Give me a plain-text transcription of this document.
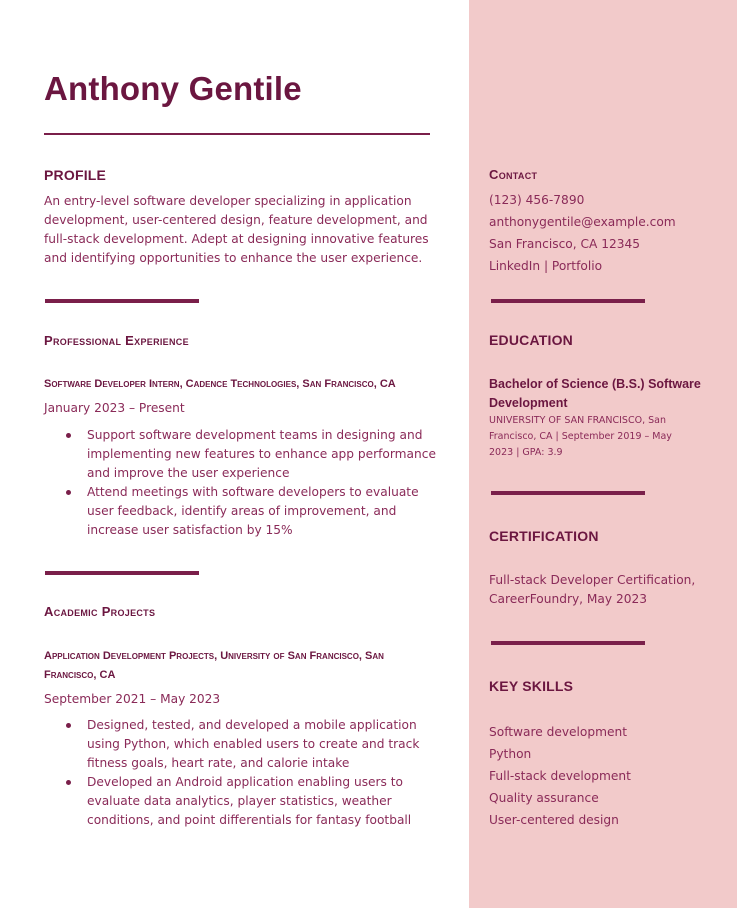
Anthony Gentile
PROFILE
An entry-level software developer specializing in application development, user-centered design, feature development, and full-stack development. Adept at designing innovative features and identifying opportunities to enhance the user experience.
Professional Experience
Software Developer Intern, Cadence Technologies, San Francisco, CA
January 2023 – Present
Support software development teams in designing and implementing new features to enhance app performance and improve the user experience
Attend meetings with software developers to evaluate user feedback, identify areas of improvement, and increase user satisfaction by 15%
Academic Projects
Application Development Projects, University of San Francisco, San Francisco, CA
September 2021 – May 2023
Designed, tested, and developed a mobile application using Python, which enabled users to create and track fitness goals, heart rate, and calorie intake
Developed an Android application enabling users to evaluate data analytics, player statistics, weather conditions, and point differentials for fantasy football
Contact
(123) 456-7890
anthonygentile@example.com
San Francisco, CA 12345
LinkedIn | Portfolio
EDUCATION
Bachelor of Science (B.S.) Software Development
UNIVERSITY OF SAN FRANCISCO, San Francisco, CA | September 2019 – May 2023 | GPA: 3.9
CERTIFICATION
Full-stack Developer Certification, CareerFoundry, May 2023
KEY SKILLS
Software development
Python
Full-stack development
Quality assurance
User-centered design
